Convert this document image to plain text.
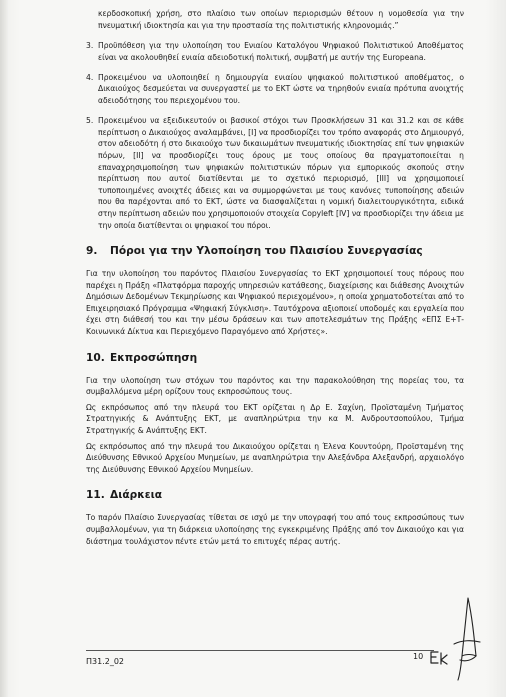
κερδοσκοπική χρήση, στο πλαίσιο των οποίων περιορισμών θέτουν η νομοθεσία για την πνευματική ιδιοκτησία και για την προστασία της πολιτιστικής κληρονομιάς.”

3. Προϋπόθεση για την υλοποίηση του Ενιαίου Καταλόγου Ψηφιακού Πολιτιστικού Αποθέματος είναι να ακολουθηθεί ενιαία αδειοδοτική πολιτική, συμβατή με αυτήν της Europeana.
4. Προκειμένου να υλοποιηθεί η δημιουργία ενιαίου ψηφιακού πολιτιστικού αποθέματος, ο Δικαιούχος δεσμεύεται να συνεργαστεί με το ΕΚΤ ώστε να τηρηθούν ενιαία πρότυπα ανοιχτής αδειοδότησης του περιεχομένου του.
5. Προκειμένου να εξειδικευτούν οι βασικοί στόχοι των Προσκλήσεων 31 και 31.2 και σε κάθε περίπτωση ο Δικαιούχος αναλαμβάνει, [I] να προσδιορίζει τον τρόπο αναφοράς στο Δημιουργό, στον αδειοδότη ή στο δικαιούχο των δικαιωμάτων πνευματικής ιδιοκτησίας επί των ψηφιακών πόρων, [II] να προσδιορίζει τους όρους με τους οποίους θα πραγματοποιείται η επαναχρησιμοποίηση των ψηφιακών πολιτιστικών πόρων για εμπορικούς σκοπούς στην περίπτωση που αυτοί διατίθενται με το σχετικό περιορισμό, [III] να χρησιμοποιεί τυποποιημένες ανοιχτές άδειες και να συμμορφώνεται με τους κανόνες τυποποίησης αδειών που θα παρέχονται από το ΕΚΤ, ώστε να διασφαλίζεται η νομική διαλειτουργικότητα, ειδικά στην περίπτωση αδειών που χρησιμοποιούν στοιχεία Copyleft [IV] να προσδιορίζει την άδεια με την οποία διατίθενται οι ψηφιακοί του πόροι.
9.	Πόροι για την Υλοποίηση του Πλαισίου Συνεργασίας

Για την υλοποίηση του παρόντος Πλαισίου Συνεργασίας το ΕΚΤ χρησιμοποιεί τους πόρους που παρέχει η Πράξη «Πλατφόρμα παροχής υπηρεσιών κατάθεσης, διαχείρισης και διάθεσης Ανοιχτών Δημόσιων Δεδομένων Τεκμηρίωσης και Ψηφιακού περιεχομένου», η οποία χρηματοδοτείται από το Επιχειρησιακό Πρόγραμμα «Ψηφιακή Σύγκλιση». Ταυτόχρονα αξιοποιεί υποδομές και εργαλεία που έχει στη διάθεσή του και την μέσω δράσεων και των αποτελεσμάτων της Πράξης «ΕΠΣ Ε+Τ- Κοινωνικά Δίκτυα και Περιεχόμενο Παραγόμενο από Χρήστες».

10. Εκπροσώπηση

Για την υλοποίηση των στόχων του παρόντος και την παρακολούθηση της πορείας του, τα συμβαλλόμενα μέρη ορίζουν τους εκπροσώπους τους.

Ως εκπρόσωπος από την πλευρά του ΕΚΤ ορίζεται η Δρ Ε. Σαχίνη, Προϊσταμένη Τμήματος Στρατηγικής & Ανάπτυξης ΕΚΤ, με αναπληρώτρια την κα Μ. Ανδρουτσοπούλου, Τμήμα Στρατηγικής & Ανάπτυξης ΕΚΤ.

Ως εκπρόσωπος από την πλευρά του Δικαιούχου ορίζεται η Έλενα Κουντούρη, Προϊσταμένη της Διεύθυνσης Εθνικού Αρχείου Μνημείων, με αναπληρώτρια την Αλεξάνδρα Αλεξανδρή, αρχαιολόγο της Διεύθυνσης Εθνικού Αρχείου Μνημείων.

11. Διάρκεια

Το παρόν Πλαίσιο Συνεργασίας τίθεται σε ισχύ με την υπογραφή του από τους εκπροσώπους των συμβαλλομένων, για τη διάρκεια υλοποίησης της εγκεκριμένης Πράξης από τον Δικαιούχο και για διάστημα τουλάχιστον πέντε ετών μετά το επιτυχές πέρας αυτής.

Π31.2_02
10
